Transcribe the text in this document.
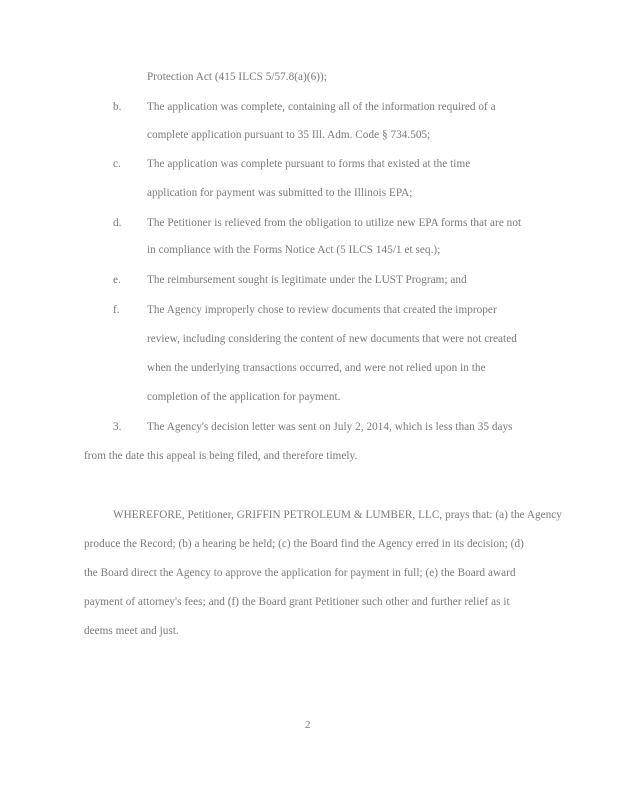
Protection Act (415 ILCS 5/57.8(a)(6));
b. The application was complete, containing all of the information required of a
complete application pursuant to 35 Ill. Adm. Code § 734.505;
c. The application was complete pursuant to forms that existed at the time
application for payment was submitted to the Illinois EPA;
d. The Petitioner is relieved from the obligation to utilize new EPA forms that are not
in compliance with the Forms Notice Act (5 ILCS 145/1 et seq.);
e. The reimbursement sought is legitimate under the LUST Program; and
f. The Agency improperly chose to review documents that created the improper
review, including considering the content of new documents that were not created
when the underlying transactions occurred, and were not relied upon in the
completion of the application for payment.
3. The Agency's decision letter was sent on July 2, 2014, which is less than 35 days
from the date this appeal is being filed, and therefore timely.
WHEREFORE, Petitioner, GRIFFIN PETROLEUM & LUMBER, LLC, prays that: (a) the Agency
produce the Record; (b) a hearing be held; (c) the Board find the Agency erred in its decision; (d)
the Board direct the Agency to approve the application for payment in full; (e) the Board award
payment of attorney's fees; and (f) the Board grant Petitioner such other and further relief as it
deems meet and just.
2
